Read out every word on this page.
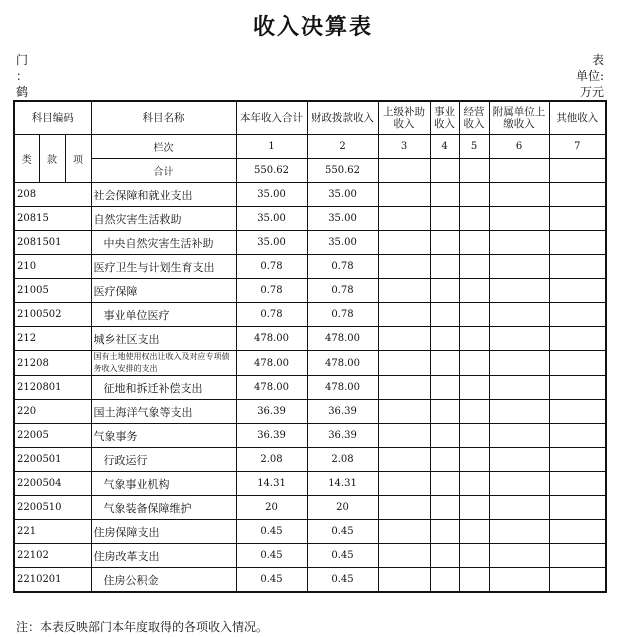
收入决算表
门
：
鹤
表
单位:
万元
科目编码			科目名称	本年收入合计	财政拨款收入	上级补助收入	事业收入	经营收入	附属单位上缴收入	其他收入
类	款	项	栏次	1	2	3	4	5	6	7
			合计	550.62	550.62					
208			社会保障和就业支出	35.00	35.00					
20815			自然灾害生活救助	35.00	35.00					
2081501			中央自然灾害生活补助	35.00	35.00					
210			医疗卫生与计划生育支出	0.78	0.78					
21005			医疗保障	0.78	0.78					
2100502			事业单位医疗	0.78	0.78					
212			城乡社区支出	478.00	478.00					
21208			国有土地使用权出让收入及对应专项债务收入安排的支出	478.00	478.00					
2120801			征地和拆迁补偿支出	478.00	478.00					
220			国土海洋气象等支出	36.39	36.39					
22005			气象事务	36.39	36.39					
2200501			行政运行	2.08	2.08					
2200504			气象事业机构	14.31	14.31					
2200510			气象装备保障维护	20	20					
221			住房保障支出	0.45	0.45					
22102			住房改革支出	0.45	0.45					
2210201			住房公积金	0.45	0.45					
注：本表反映部门本年度取得的各项收入情况。
